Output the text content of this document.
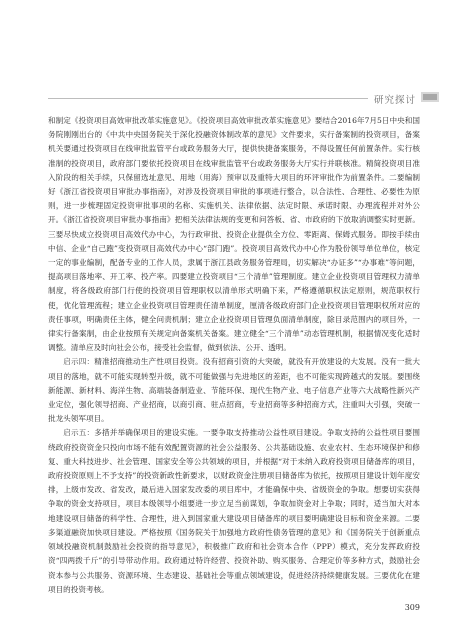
研究探讨

和制定《投资项目高效审批改革实施意见》。《投资项目高效审批改革实施意见》要结合2016年7月5日中央和国务院刚刚出台的《中共中央国务院关于深化投融资体制改革的意见》文件要求，实行备案制的投资项目，备案机关要通过投资项目在线审批监管平台或政务服务大厅，提供快捷备案服务，不得设置任何前置条件。实行核准制的投资项目，政府部门要依托投资项目在线审批监管平台或政务服务大厅实行并联核准。精简投资项目准入阶段的相关手续，只保留选址意见、用地（用海）预审以及重特大项目的环评审批作为前置条件。二要编制好《浙江省投资项目审批办事指南》，对涉及投资项目审批的事项进行整合，以合法性、合理性、必要性为原则，进一步梳理固定投资审批事项的名称、实施机关、法律依据、法定时限、承诺时限、办理流程并对外公开。《浙江省投资项目审批办事指南》把相关法律法规的变更和问答板、省、市政府的下放取消调整实时更新。三要尽快成立投资项目高效代办中心，为行政审批、投资企业提供全方位、零距离、保姆式服务。即按手续由中信、企业“自己跑”变投资项目高效代办中心“部门跑”。投资项目高效代办中心作为股份领导单位单位，核定一定的事业编制，配备专业的工作人员，隶属于浙江县政务服务管理局，切实解决“办证多”“办事难”等问题，提高项目落地率、开工率、投产率。四要建立投资项目“三个清单”管理制度。建立企业投资项目管理权力清单制度，将各级政府部门行使的投资项目管理职权以清单形式明确下来，严格遵循职权法定原则，规范职权行使，优化管理流程；建立企业投资项目管理责任清单制度，厘清各级政府部门企业投资项目管理职权所对应的责任事项，明确责任主体，健全问责机制；建立企业投资项目管理负面清单制度，除目录范围内的项目外，一律实行备案制，由企业按照有关规定向备案机关备案。建立健全“三个清单”动态管理机制，根据情况变化适时调整。清单应及时向社会公布，接受社会监督，做到依法、公开、透明。

启示四：精准招商推动生产性项目投资。没有招商引资的大突破，就没有开放建设的大发展。没有一批大项目的落地，就不可能实现转型升级，就不可能做强与先进地区的差距，也不可能实现跨越式的发展。要围绕新能源、新材料、海洋生物、高端装备制造业、节能环保、现代生物产业、电子信息产业等六大战略性新兴产业定位，强化领导招商、产业招商，以商引商、驻点招商，专业招商等多种招商方式，注重叫大引强，突破一批龙头领军项目。

启示五：多措并举确保项目的建设实施。一要争取支持推动公益性项目建设。争取支持的公益性项目要围绕政府投资资金只投向市场不能有效配置资源的社会公益服务、公共基础设施、农业农村、生态环境保护和修复、重大科技进步、社会管理、国家安全等公共领域的项目，并根据“对于未纳入政府投资项目储备库的项目，政府投资原则上不予支持”的投资新政性新要求，以财政资金注册项目储备库为依托，按照项目建设计划年度安排，上级市发改、省发改，最后进入国家发改委的项目库中，才能确保中央、省级资金的争取。想要切实获得争取的资金支持项目，项目本级领导小组要进一步立足当前谋划，争取加资金对上争取；同时，适当加大对本地建设项目储备的科学性、合理性，进入到国家重大建设项目储备库的项目要明确建设目标和资金来源。二要多渠道融资加快项目建设。严格按照《国务院关于加强地方政府性债务管理的意见》和《国务院关于创新重点领域投融资机制鼓励社会投资的指导意见》，积极推广政府和社会资本合作（PPP）模式，充分发挥政府投资“四两拨千斤”的引导带动作用。政府通过特许经营、投资补助、购买服务、合理定价等多种方式，鼓励社会资本参与公共服务、资源环境、生态建设、基础社会等重点领域建设，促进经济持续健康发展。三要优化在建项目的投资考核。

309
